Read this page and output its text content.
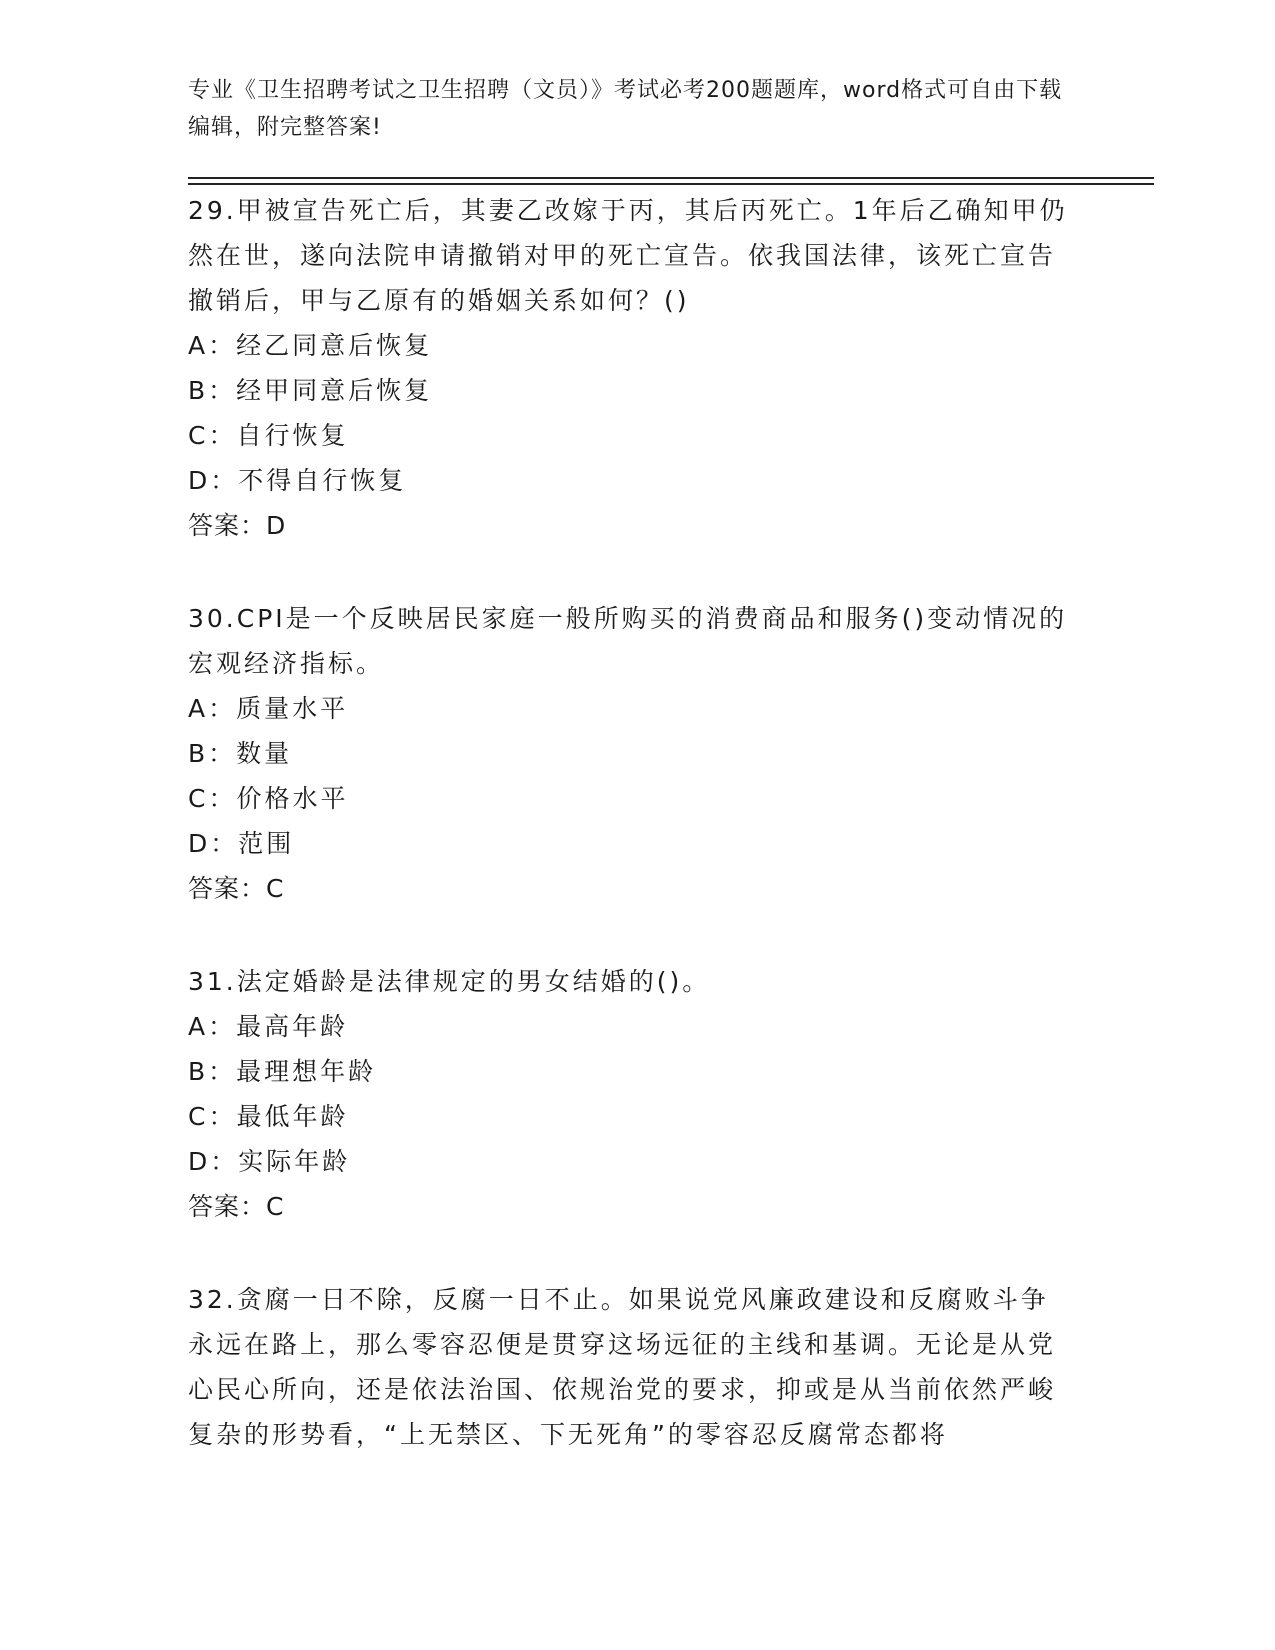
专业《卫生招聘考试之卫生招聘（文员）》考试必考200题题库，word格式可自由下载编辑，附完整答案!

29.甲被宣告死亡后，其妻乙改嫁于丙，其后丙死亡。1年后乙确知甲仍然在世，遂向法院申请撤销对甲的死亡宣告。依我国法律，该死亡宣告撤销后，甲与乙原有的婚姻关系如何？()

A：经乙同意后恢复

B：经甲同意后恢复

C：自行恢复

D：不得自行恢复

答案：D

30.CPI是一个反映居民家庭一般所购买的消费商品和服务()变动情况的宏观经济指标。

A：质量水平

B：数量

C：价格水平

D：范围

答案：C

31.法定婚龄是法律规定的男女结婚的()。

A：最高年龄

B：最理想年龄

C：最低年龄

D：实际年龄

答案：C

32.贪腐一日不除，反腐一日不止。如果说党风廉政建设和反腐败斗争永远在路上，那么零容忍便是贯穿这场远征的主线和基调。无论是从党心民心所向，还是依法治国、依规治党的要求，抑或是从当前依然严峻复杂的形势看，“上无禁区、下无死角”的零容忍反腐常态都将
